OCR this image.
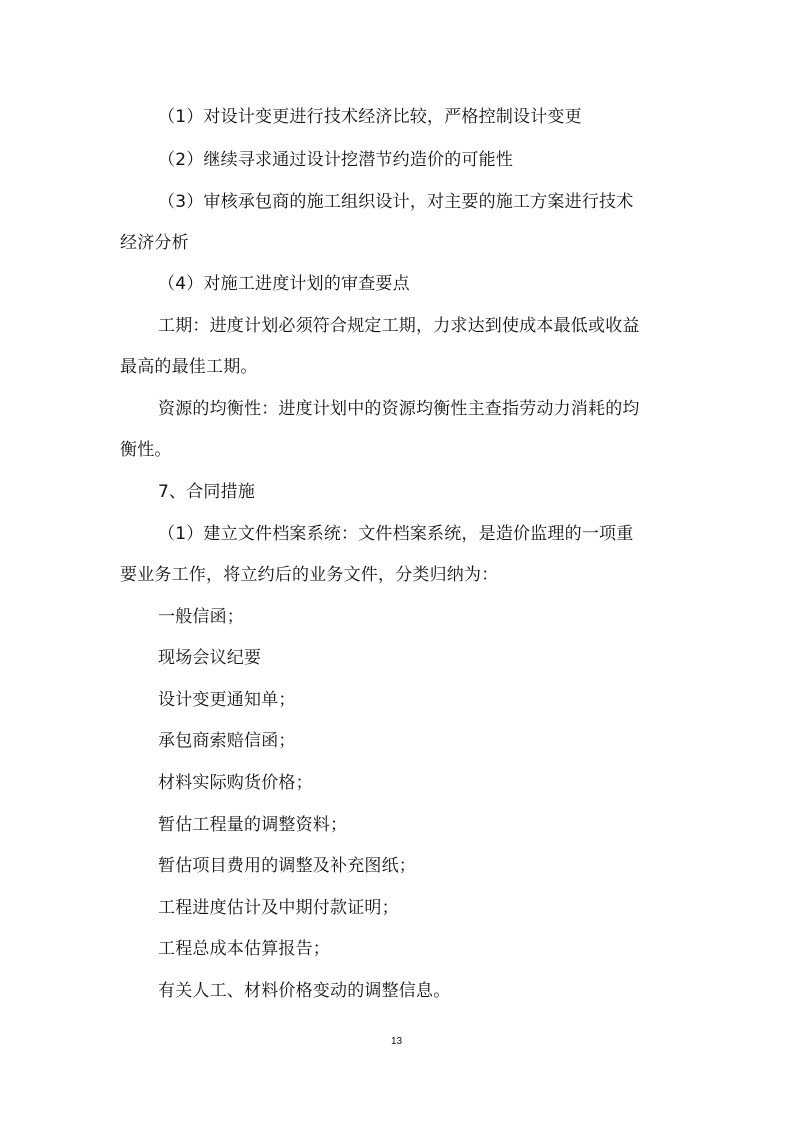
（1）对设计变更进行技术经济比较，严格控制设计变更
（2）继续寻求通过设计挖潜节约造价的可能性
（3）审核承包商的施工组织设计，对主要的施工方案进行技术
经济分析
（4）对施工进度计划的审查要点
工期：进度计划必须符合规定工期，力求达到使成本最低或收益
最高的最佳工期。
资源的均衡性：进度计划中的资源均衡性主查指劳动力消耗的均
衡性。
7、合同措施
（1）建立文件档案系统：文件档案系统，是造价监理的一项重
要业务工作，将立约后的业务文件，分类归纳为：
一般信函；
现场会议纪要
设计变更通知单；
承包商索赔信函；
材料实际购货价格；
暂估工程量的调整资料；
暂估项目费用的调整及补充图纸；
工程进度估计及中期付款证明；
工程总成本估算报告；
有关人工、材料价格变动的调整信息。
13
